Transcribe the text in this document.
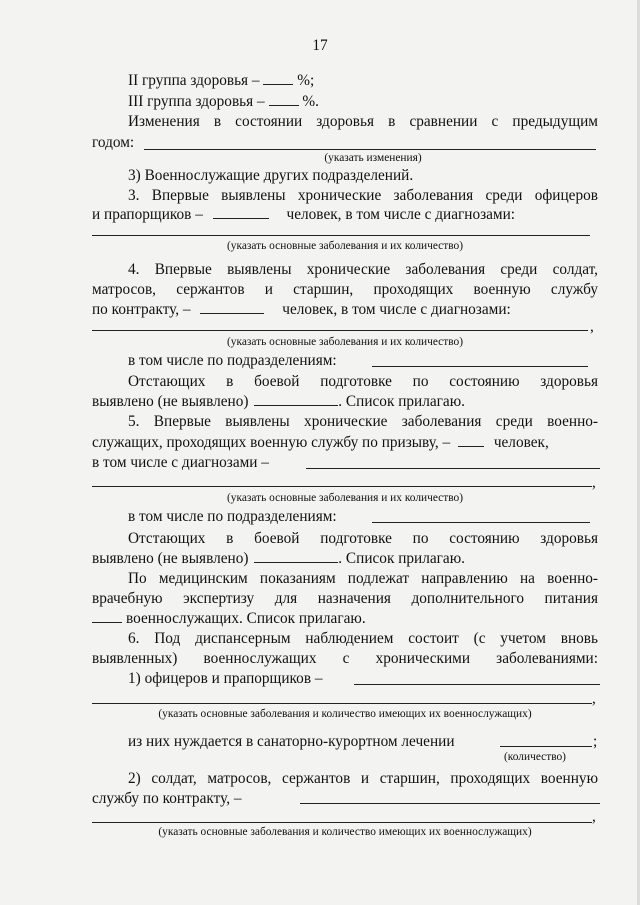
17
II группа здоровья – %;
III группа здоровья – %.
Изменения в состоянии здоровья в сравнении с предыдущим
годом:
(указать изменения)
3) Военнослужащие других подразделений.
3. Впервые выявлены хронические заболевания среди офицеров
и прапорщиков –	человек, в том числе с диагнозами:
(указать основные заболевания и их количество)
4. Впервые выявлены хронические заболевания среди солдат,
матросов, сержантов и старшин, проходящих военную службу
по контракту, –	человек, в том числе с диагнозами:
,
(указать основные заболевания и их количество)
в том числе по подразделениям:
Отстающих в боевой подготовке по состоянию здоровья
выявлено (не выявлено)	. Список прилагаю.
5. Впервые выявлены хронические заболевания среди военно-
служащих, проходящих военную службу по призыву, –	человек,
в том числе с диагнозами –
,
(указать основные заболевания и их количество)
в том числе по подразделениям:
Отстающих в боевой подготовке по состоянию здоровья
выявлено (не выявлено)	. Список прилагаю.
По медицинским показаниям подлежат направлению на военно-
врачебную экспертизу для назначения дополнительного питания
военнослужащих. Список прилагаю.
6. Под диспансерным наблюдением состоит (с учетом вновь
выявленных) военнослужащих с хроническими заболеваниями:
1) офицеров и прапорщиков –
,
(указать основные заболевания и количество имеющих их военнослужащих)
из них нуждается в санаторно-курортном лечении	;
(количество)
2) солдат, матросов, сержантов и старшин, проходящих военную
службу по контракту, –
,
(указать основные заболевания и количество имеющих их военнослужащих)
